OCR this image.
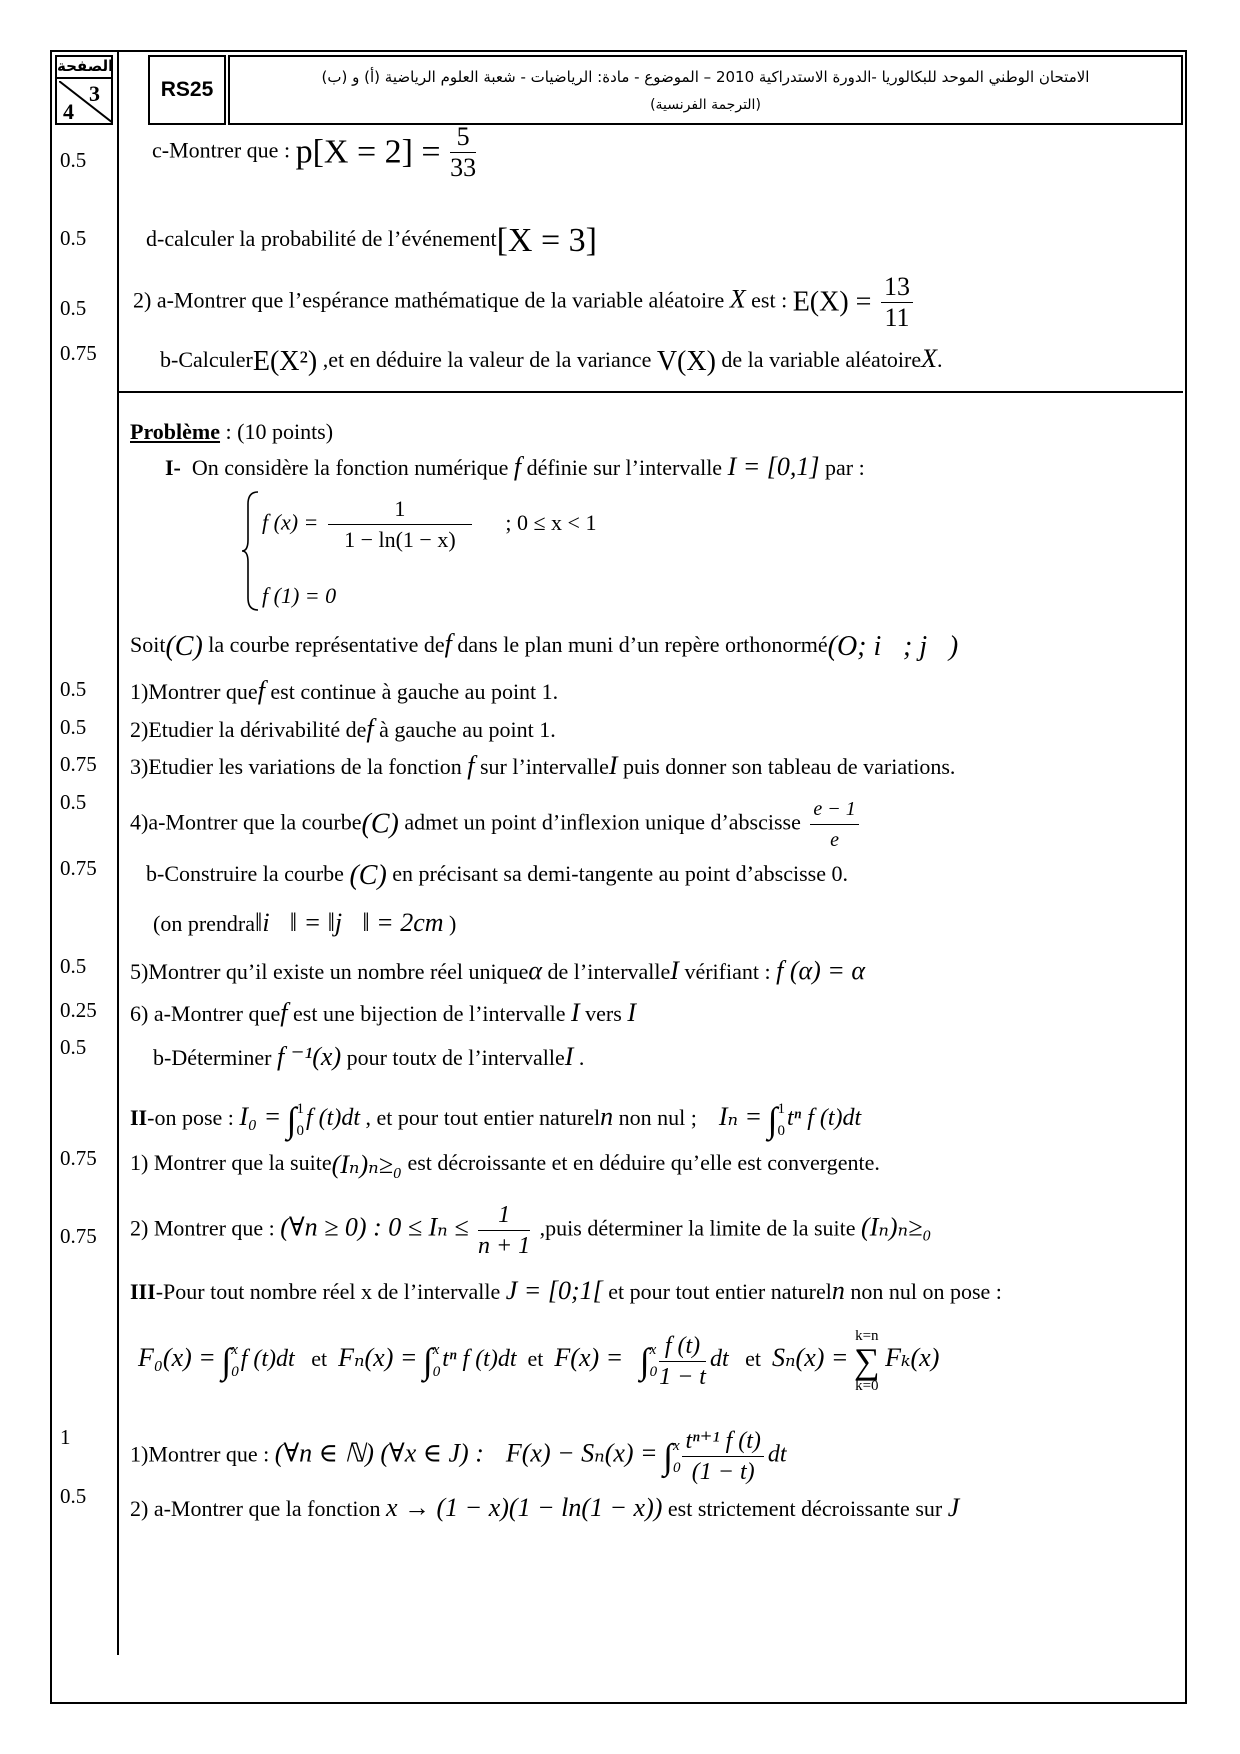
الصفحة
3
4
RS25
الامتحان الوطني الموحد للبكالوريا -الدورة الاستدراكية 2010 – الموضوع - مادة: الرياضيات - شعبة العلوم الرياضية (أ) و (ب)
(الترجمة الفرنسية)
0.5
0.5
0.5
0.75
0.5
0.5
0.75
0.5
0.75
0.5
0.25
0.5
0.75
0.75
1
0.5
c-Montrer que : $p[X = 2] = \frac{5}{33}$
d-calculer la probabilité de l’événement[X = 3]
2) a-Montrer que l’espérance mathématique de la variable aléatoire X est : $E(X) = \frac{13}{11}$
b-CalculerE(X²) ,et en déduire la valeur de la variance V(X) de la variable aléatoireX.
Problème : (10 points)
I- On considère la fonction numérique f définie sur l’intervalle I = [0,1] par :
f $(x) = \frac{1}{1 - \ln(1 - x)}$ ; 0 ≤ x < 1
f (1) = 0
Soit(C) la courbe représentative def dans le plan muni d’un repère orthonormé(O; i⃗; j⃗)
1)Montrer quef est continue à gauche au point 1.
2)Etudier la dérivabilité def à gauche au point 1.
3)Etudier les variations de la fonction f sur l’intervalleI puis donner son tableau de variations.
4)a-Montrer que la courbe(C) admet un point d’inflexion unique d’abscisse $\frac{e - 1}{e}$
b-Construire la courbe (C) en précisant sa demi-tangente au point d’abscisse 0.
(on prendra‖i⃗‖ = ‖j⃗‖ = 2cm )
5)Montrer qu’il existe un nombre réel uniqueα de l’intervalleI vérifiant : f (α) = α
6) a-Montrer quef est une bijection de l’intervalle I vers I
b-Déterminer f ⁻¹(x) pour toutx de l’intervalleI .
II-on pose : I₀ = ∫1
0f (t)dt , et pour tout entier natureln non nul ; Iₙ = ∫1
0tⁿ f (t)dt
1) Montrer que la suite(Iₙ)ₙ≥₀ est décroissante et en déduire qu’elle est convergente.
2) Montrer que : (∀n ≥ 0) : $0 \le I_n \le \frac{1}{n + 1}$ ,puis déterminer la limite de la suite (Iₙ)ₙ≥₀
III-Pour tout nombre réel x de l’intervalle J = [0;1[ et pour tout entier natureln non nul on pose :
F₀(x) = ∫x
0f (t)dt et Fₙ(x) = ∫x
0tⁿ f (t)dt et F(x) = ∫x
$0 \frac{f (t)}{1 - t}$ dt et Sₙ(x) =
k=n
∑
k=0
Fₖ(x)
1)Montrer que : (∀n ∈ ℕ) (∀x ∈ J) : F(x) − Sₙ(x) = ∫x
$0 \frac{\text{tⁿ⁺¹ f (t)}}{(1 - t)}$ dt
2) a-Montrer que la fonction x → (1 − x)(1 − ln(1 − x)) est strictement décroissante sur J
